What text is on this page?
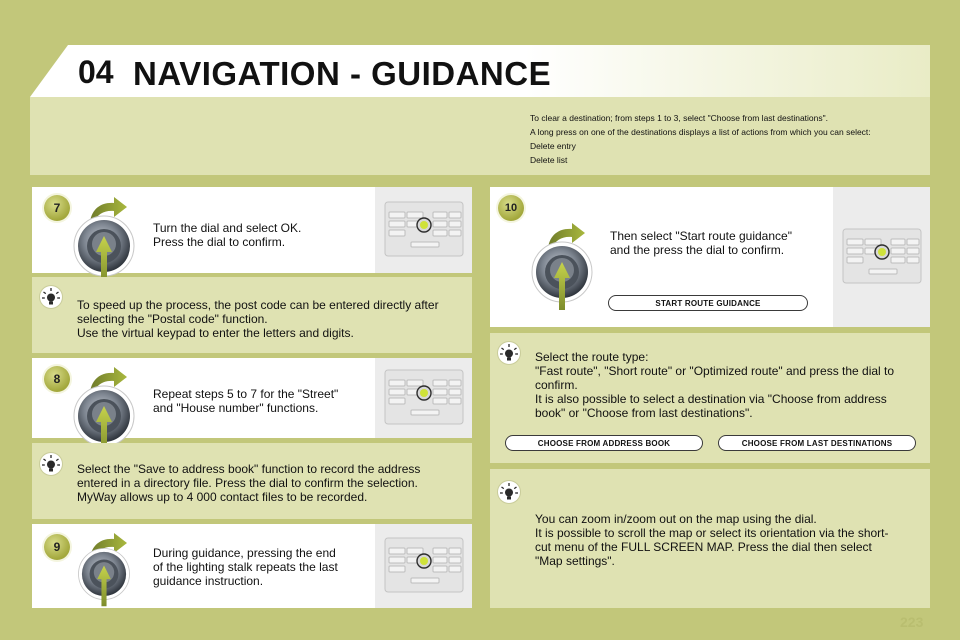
04 NAVIGATION - GUIDANCE
To clear a destination; from steps 1 to 3, select "Choose from last destinations".
A long press on one of the destinations displays a list of actions from which you can select:
Delete entry
Delete list
7
Turn the dial and select OK.
Press the dial to confirm.
To speed up the process, the post code can be entered directly after
selecting the "Postal code" function.
Use the virtual keypad to enter the letters and digits.
8
Repeat steps 5 to 7 for the "Street"
and "House number" functions.
Select the "Save to address book" function to record the address
entered in a directory file. Press the dial to confirm the selection.
MyWay allows up to 4 000 contact files to be recorded.
9	During guidance, pressing the end
of the lighting stalk repeats the last
guidance instruction.
10
Then select "Start route guidance"
and the press the dial to confirm.
START ROUTE GUIDANCE
Select the route type:
"Fast route", "Short route" or "Optimized route" and press the dial to
confirm.
It is also possible to select a destination via "Choose from address
book" or "Choose from last destinations".
CHOOSE FROM ADDRESS BOOK	CHOOSE FROM LAST DESTINATIONS
You can zoom in/zoom out on the map using the dial.
It is possible to scroll the map or select its orientation via the short-
cut menu of the FULL SCREEN MAP. Press the dial then select
"Map settings".
223
